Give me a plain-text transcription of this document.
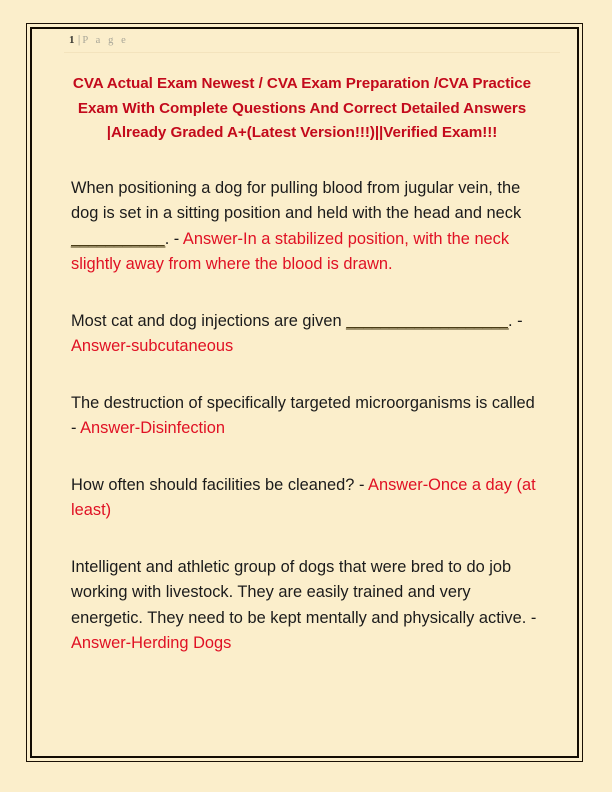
1 | P a g e
CVA Actual Exam Newest / CVA Exam Preparation /CVA Practice Exam With Complete Questions And Correct Detailed Answers |Already Graded A+(Latest Version!!!)||Verified Exam!!!
When positioning a dog for pulling blood from jugular vein, the dog is set in a sitting position and held with the head and neck ___________. - Answer-In a stabilized position, with the neck slightly away from where the blood is drawn.
Most cat and dog injections are given ___________________. - Answer-subcutaneous
The destruction of specifically targeted microorganisms is called - Answer-Disinfection
How often should facilities be cleaned? - Answer-Once a day (at least)
Intelligent and athletic group of dogs that were bred to do job working with livestock. They are easily trained and very energetic. They need to be kept mentally and physically active. - Answer-Herding Dogs
